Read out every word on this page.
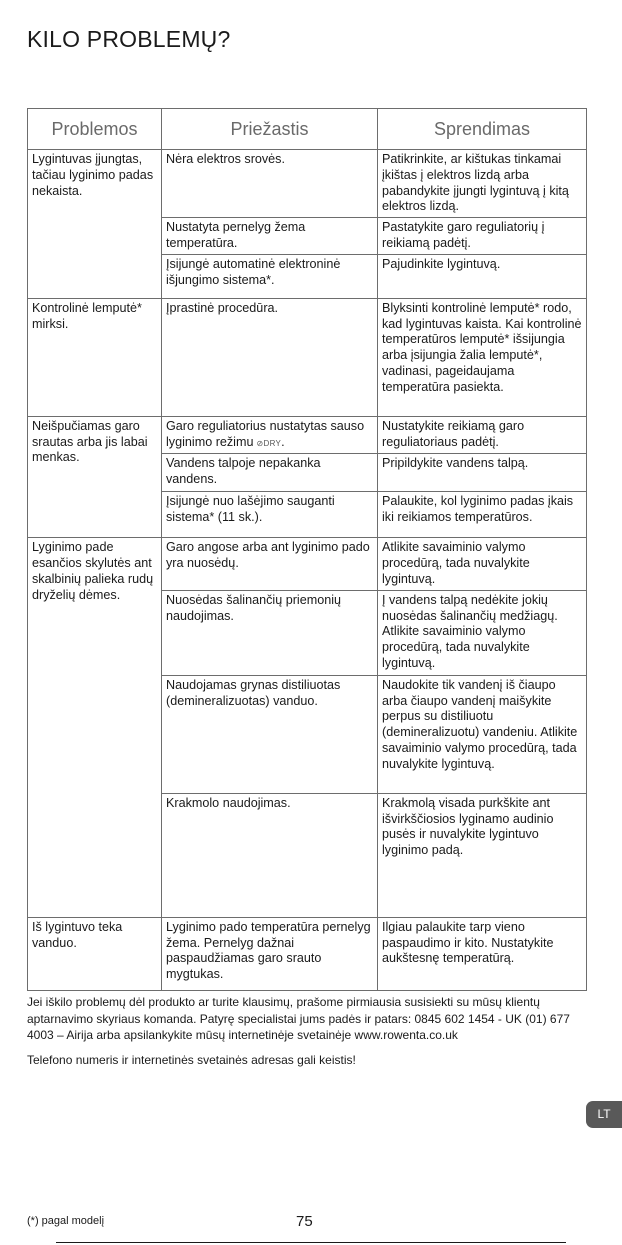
KILO PROBLEMŲ?
Problemos	Priežastis	Sprendimas
Lygintuvas įjungtas, tačiau lyginimo padas nekaista.	Nėra elektros srovės.	Patikrinkite, ar kištukas tinkamai įkištas į elektros lizdą arba pabandykite įjungti lygintuvą į kitą elektros lizdą.
	Nustatyta pernelyg žema temperatūra.	Pastatykite garo reguliatorių į reikiamą padėtį.
	Įsijungė automatinė elektroninė išjungimo sistema*.	Pajudinkite lygintuvą.
Kontrolinė lemputė* mirksi.	Įprastinė procedūra.	Blyksinti kontrolinė lemputė* rodo, kad lygintuvas kaista. Kai kontrolinė temperatūros lemputė* išsijungia arba įsijungia žalia lemputė*, vadinasi, pageidaujama temperatūra pasiekta.
Neišpučiamas garo srautas arba jis labai menkas.	Garo reguliatorius nustatytas sauso lyginimo režimu ⊘DRY.	Nustatykite reikiamą garo reguliatoriaus padėtį.
	Vandens talpoje nepakanka vandens.	Pripildykite vandens talpą.
	Įsijungė nuo lašėjimo sauganti sistema* (11 sk.).	Palaukite, kol lyginimo padas įkais iki reikiamos temperatūros.
Lyginimo pade esančios skylutės ant skalbinių palieka rudų dryželių dėmes.	Garo angose arba ant lyginimo pado yra nuosėdų.	Atlikite savaiminio valymo procedūrą, tada nuvalykite lygintuvą.
	Nuosėdas šalinančių priemonių naudojimas.	Į vandens talpą nedėkite jokių nuosėdas šalinančių medžiagų. Atlikite savaiminio valymo procedūrą, tada nuvalykite lygintuvą.
	Naudojamas grynas distiliuotas (demineralizuotas) vanduo.	Naudokite tik vandenį iš čiaupo arba čiaupo vandenį maišykite perpus su distiliuotu (demineralizuotu) vandeniu. Atlikite savaiminio valymo procedūrą, tada nuvalykite lygintuvą.
	Krakmolo naudojimas.	Krakmolą visada purkškite ant išvirkščiosios lyginamo audinio pusės ir nuvalykite lygintuvo lyginimo padą.
Iš lygintuvo teka vanduo.	Lyginimo pado temperatūra pernelyg žema. Pernelyg dažnai paspaudžiamas garo srauto mygtukas.	Ilgiau palaukite tarp vieno paspaudimo ir kito. Nustatykite aukštesnę temperatūrą.
Jei iškilo problemų dėl produkto ar turite klausimų, prašome pirmiausia susisiekti su mūsų klientų aptarnavimo skyriaus komanda. Patyrę specialistai jums padės ir patars: 0845 602 1454 - UK (01) 677 4003 – Airija arba apsilankykite mūsų internetinėje svetainėje www.rowenta.co.uk
Telefono numeris ir internetinės svetainės adresas gali keistis!
LT
(*) pagal modelį	75
